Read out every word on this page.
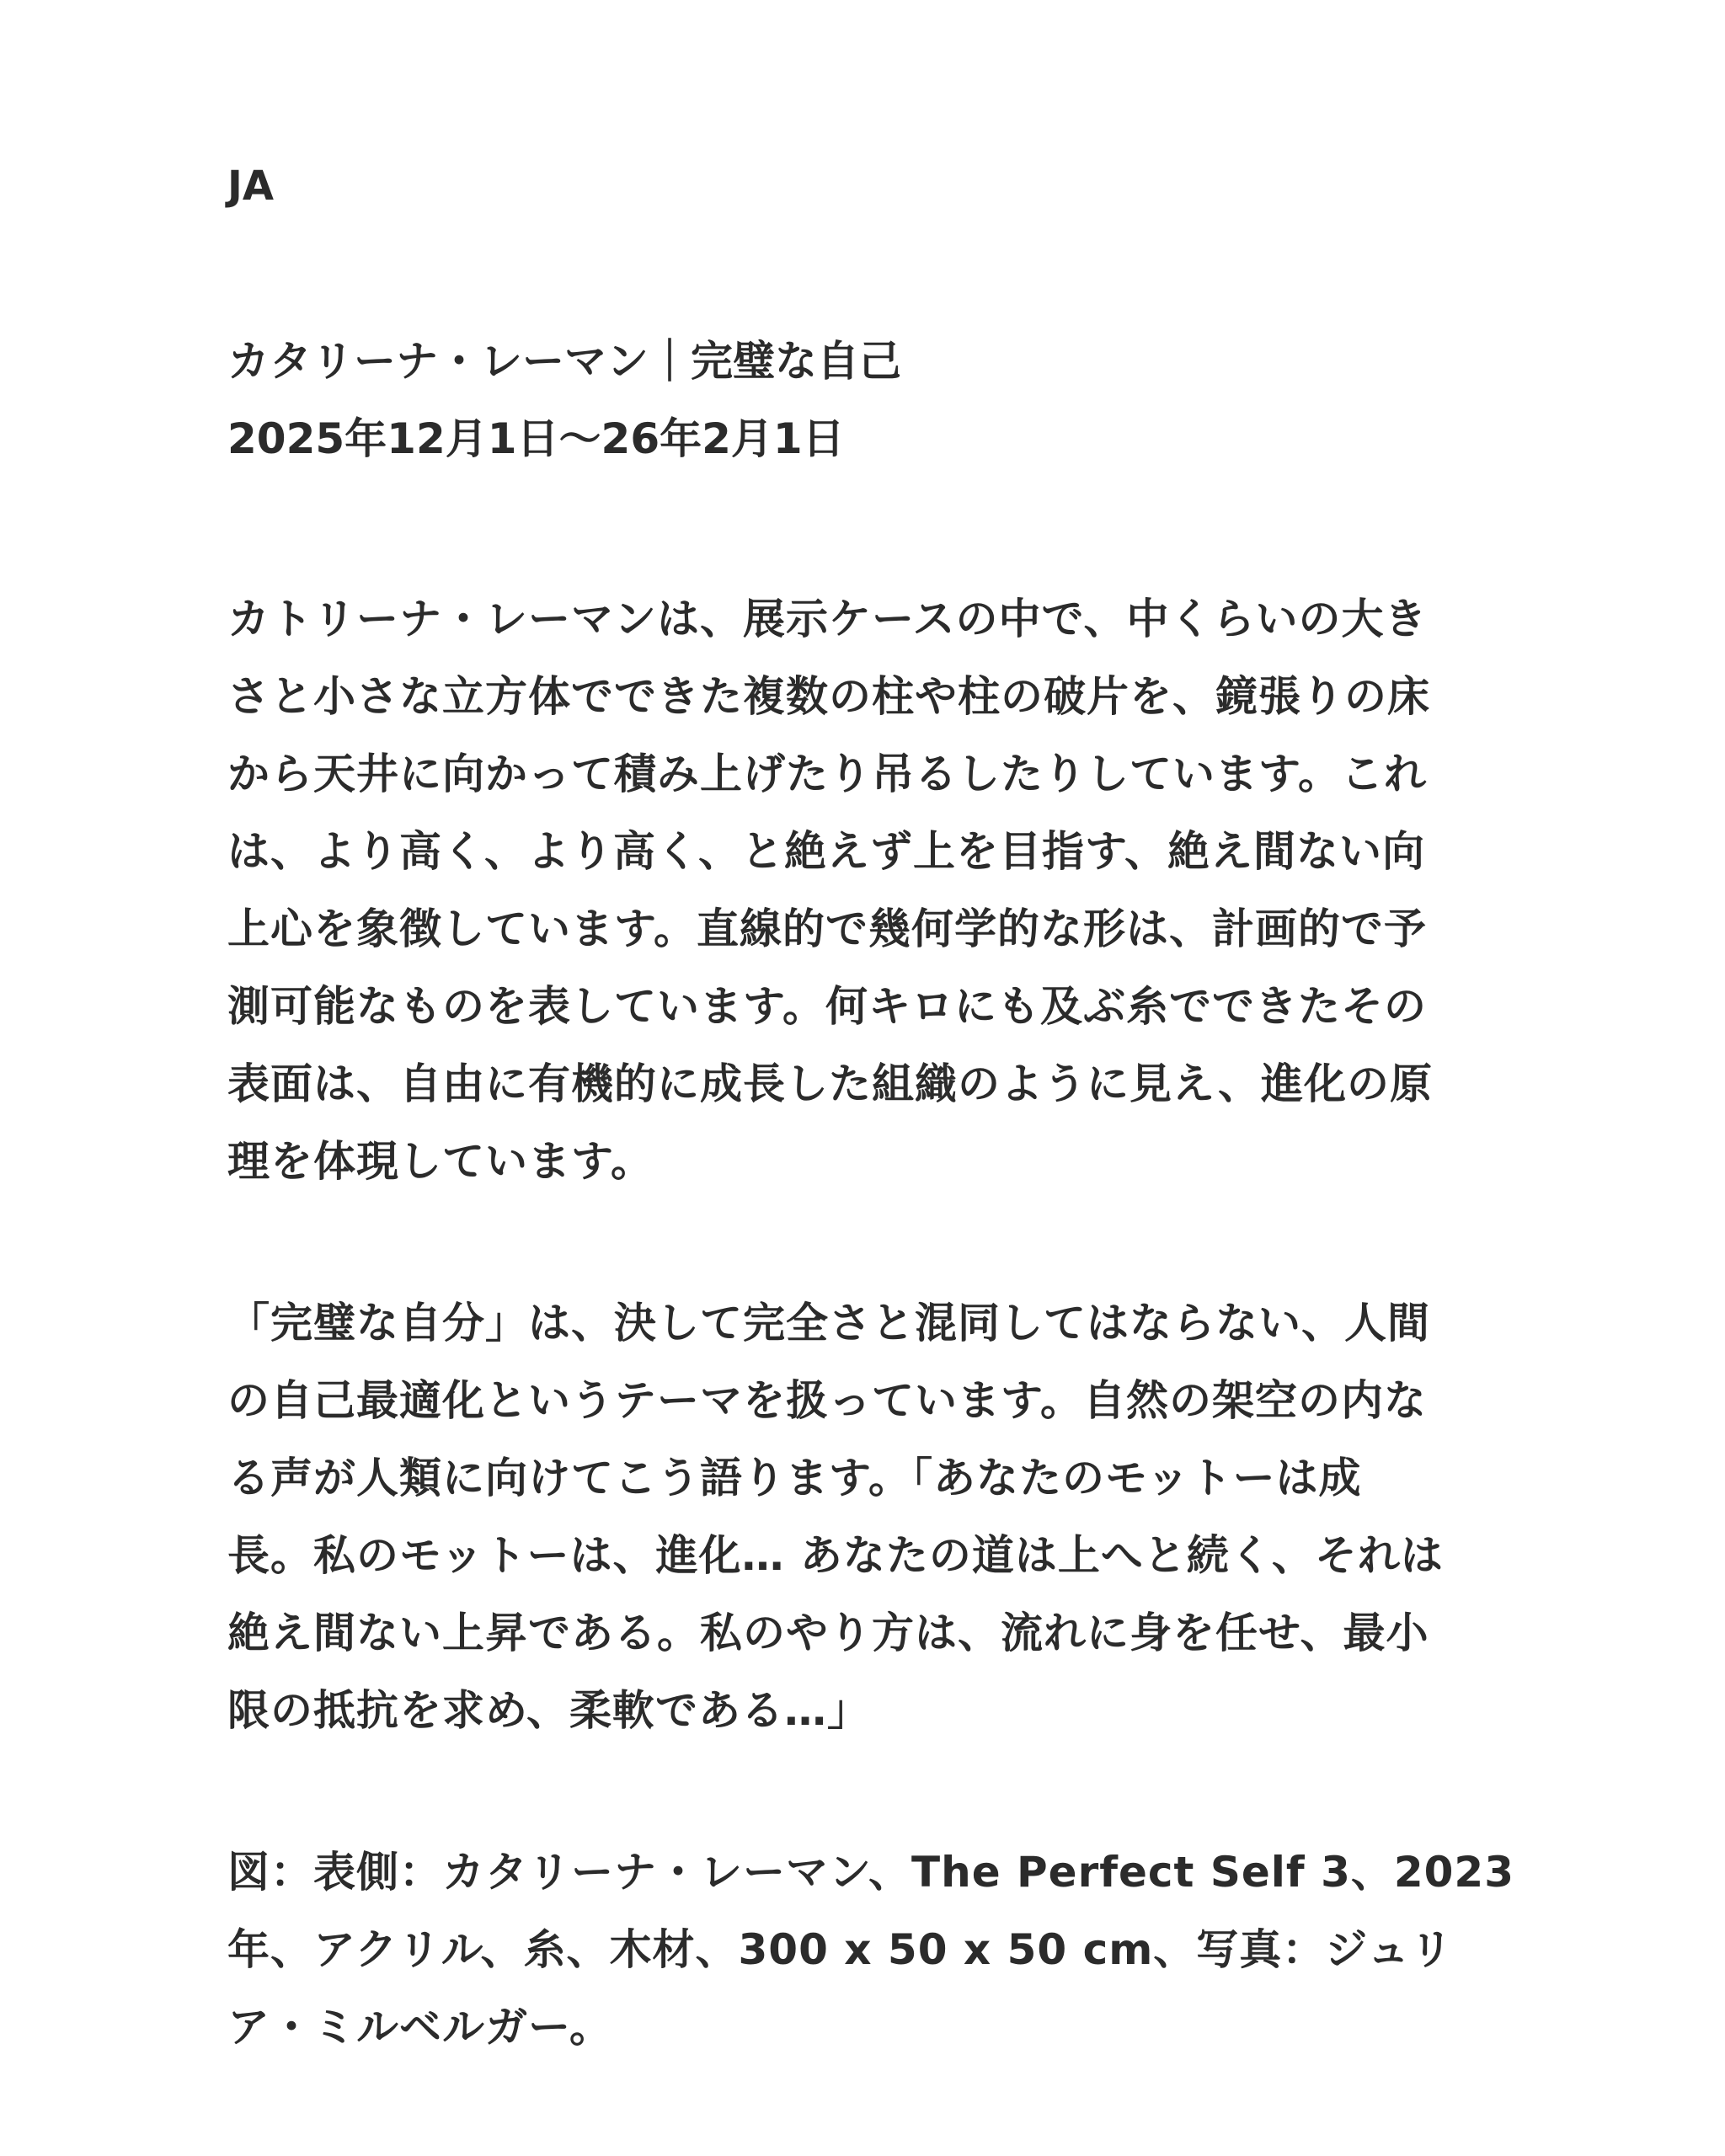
JA

カタリーナ・レーマン｜完璧な自己

2025年12月1日～26年2月1日

カトリーナ・レーマンは、展示ケースの中で、中くらいの大き
さと小さな立方体でできた複数の柱や柱の破片を、鏡張りの床
から天井に向かって積み上げたり吊るしたりしています。これ
は、より高く、より高く、と絶えず上を目指す、絶え間ない向
上心を象徴しています。直線的で幾何学的な形は、計画的で予
測可能なものを表しています。何キロにも及ぶ糸でできたその
表面は、自由に有機的に成長した組織のように見え、進化の原
理を体現しています。

「完璧な自分」は、決して完全さと混同してはならない、人間
の自己最適化というテーマを扱っています。自然の架空の内な
る声が人類に向けてこう語ります。「あなたのモットーは成
長。私のモットーは、進化… あなたの道は上へと続く、それは
絶え間ない上昇である。私のやり方は、流れに身を任せ、最小
限の抵抗を求め、柔軟である…」

図：表側：カタリーナ・レーマン、The Perfect Self 3、2023
年、アクリル、糸、木材、300 x 50 x 50 cm、写真：ジュリ
ア・ミルベルガー。
